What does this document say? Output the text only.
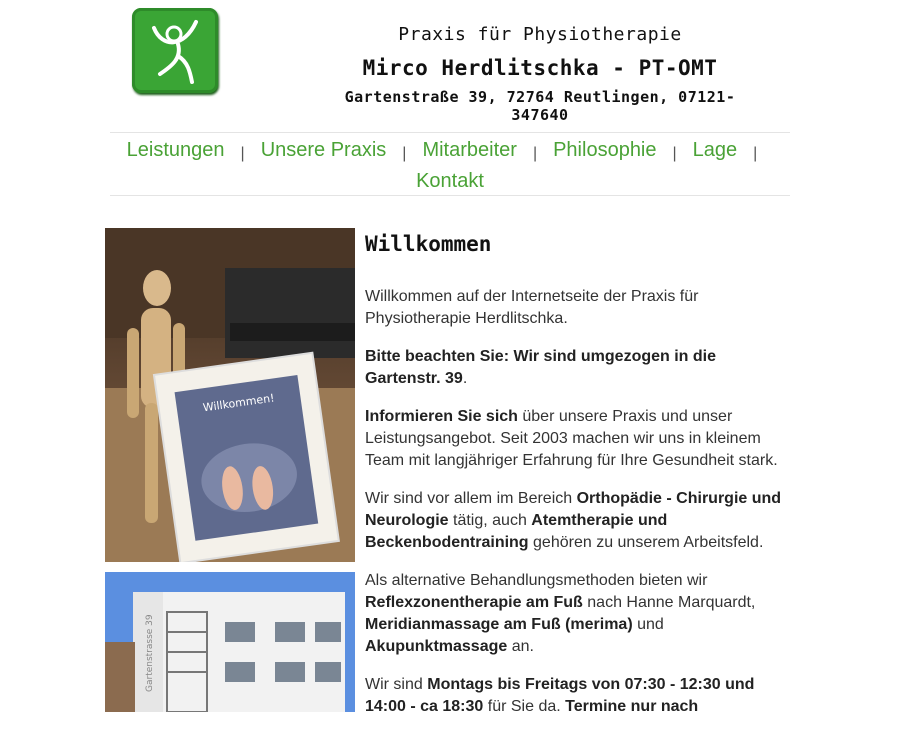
Praxis für Physiotherapie
Mirco Herdlitschka - PT-OMT
Gartenstraße 39, 72764 Reutlingen, 07121-347640
Leistungen | Unsere Praxis | Mitarbeiter | Philosophie | Lage |
Kontakt
Willkommen!
Gartenstrasse 39
Willkommen

Willkommen auf der Internetseite der Praxis für Physiotherapie Herdlitschka.

Bitte beachten Sie: Wir sind umgezogen in die Gartenstr. 39.

Informieren Sie sich über unsere Praxis und unser Leistungsangebot. Seit 2003 machen wir uns in kleinem Team mit langjähriger Erfahrung für Ihre Gesundheit stark.

Wir sind vor allem im Bereich Orthopädie - Chirurgie und Neurologie tätig, auch Atemtherapie und Beckenbodentraining gehören zu unserem Arbeitsfeld.

Als alternative Behandlungsmethoden bieten wir Reflexzonentherapie am Fuß nach Hanne Marquardt, Meridianmassage am Fuß (merima) und Akupunktmassage an.

Wir sind Montags bis Freitags von 07:30 - 12:30 und 14:00 - ca 18:30 für Sie da. Termine nur nach
